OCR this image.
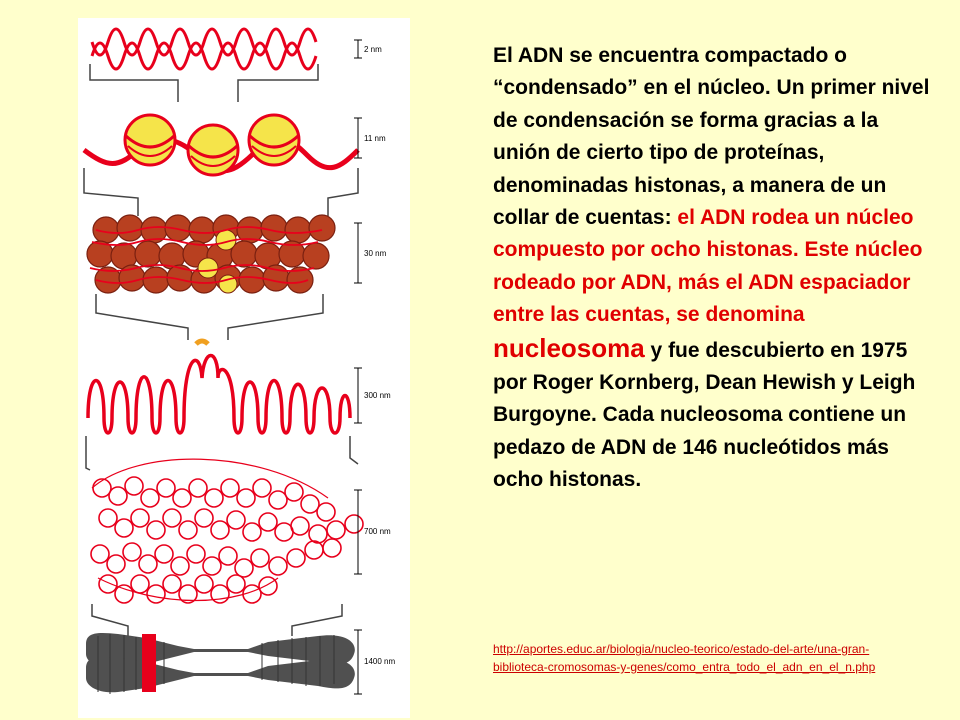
2 nm
11 nm
30 nm
300 nm
700 nm
1400 nm

El ADN se encuentra compactado o “condensado” en el núcleo. Un primer nivel de condensación se forma gracias a la unión de cierto tipo de proteínas, denominadas histonas, a manera de un collar de cuentas: el ADN rodea un núcleo compuesto por ocho histonas. Este núcleo rodeado por ADN, más el ADN espaciador entre las cuentas, se denomina nucleosoma y fue descubierto en 1975 por Roger Kornberg, Dean Hewish y Leigh Burgoyne. Cada nucleosoma contiene un pedazo de ADN de 146 nucleótidos más ocho histonas.

http://aportes.educ.ar/biologia/nucleo-teorico/estado-del-arte/una-gran-biblioteca-cromosomas-y-genes/como_entra_todo_el_adn_en_el_n.php
